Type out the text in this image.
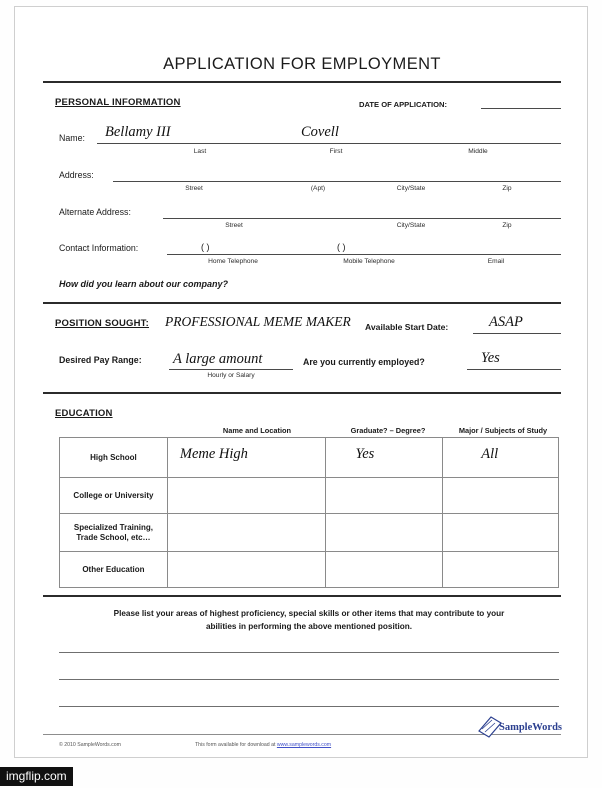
APPLICATION FOR EMPLOYMENT
PERSONAL INFORMATION	DATE OF APPLICATION:
Name: Bellamy III	Covell
Last	First	Middle
Address:
Street	(Apt)	City/State	Zip
Alternate Address:
Street	City/State	Zip
Contact Information:	( )	( )
Home Telephone	Mobile Telephone	Email
How did you learn about our company?
POSITION SOUGHT: PROFESSIONAL MEME MAKER Available Start Date:	ASAP
Desired Pay Range: A large amount
Hourly or Salary
Are you currently employed?	Yes
EDUCATION
Name and Location	Graduate? – Degree?	Major / Subjects of Study
High School	Meme High	Yes	All

College or University			
Specialized Training, Trade School, etc…			
Other Education			
Please list your areas of highest proficiency, special skills or other items that may contribute to your
abilities in performing the above mentioned position.
© 2010 SampleWords.com	This form available for download at www.samplewords.com
SampleWords
imgflip.com
